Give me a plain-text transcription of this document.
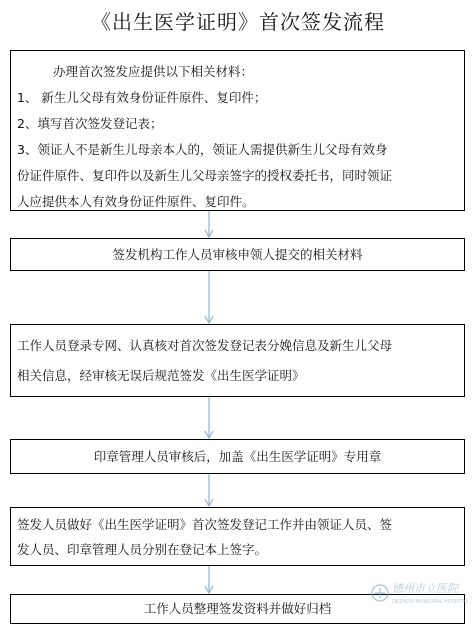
《出生医学证明》首次签发流程
办理首次签发应提供以下相关材料：
1、 新生儿父母有效身份证件原件、复印件；
2、填写首次签发登记表；
3、领证人不是新生儿母亲本人的，领证人需提供新生儿父母有效身
份证件原件、复印件以及新生儿父母亲签字的授权委托书，同时领证
人应提供本人有效身份证件原件、复印件。
签发机构工作人员审核申领人提交的相关材料
工作人员登录专网、认真核对首次签发登记表分娩信息及新生儿父母
相关信息，经审核无误后规范签发《出生医学证明》
印章管理人员审核后，加盖《出生医学证明》专用章
签发人员做好《出生医学证明》首次签发登记工作并由领证人员、签
发人员、印章管理人员分别在登记本上签字。
工作人员整理签发资料并做好归档
德州市立医院
DEZHOU MUNICIPAL HOSPITAL
